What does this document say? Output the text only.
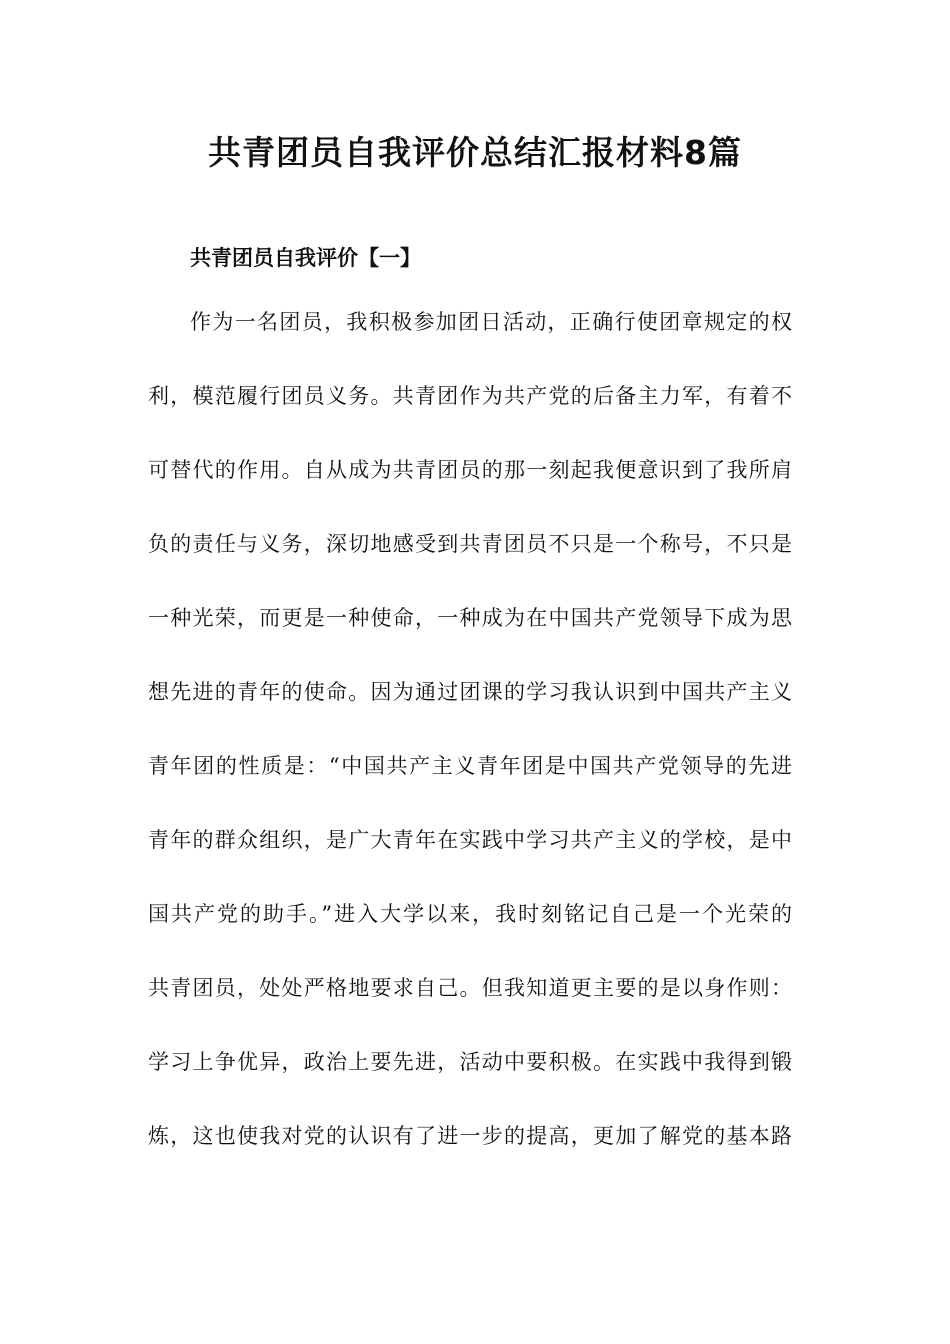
共青团员自我评价总结汇报材料8篇
共青团员自我评价【一】

作为一名团员，我积极参加团日活动，正确行使团章规定的权

利，模范履行团员义务。共青团作为共产党的后备主力军，有着不

可替代的作用。自从成为共青团员的那一刻起我便意识到了我所肩

负的责任与义务，深切地感受到共青团员不只是一个称号，不只是

一种光荣，而更是一种使命，一种成为在中国共产党领导下成为思

想先进的青年的使命。因为通过团课的学习我认识到中国共产主义

青年团的性质是：“中国共产主义青年团是中国共产党领导的先进

青年的群众组织，是广大青年在实践中学习共产主义的学校，是中

国共产党的助手。”进入大学以来，我时刻铭记自己是一个光荣的

共青团员，处处严格地要求自己。但我知道更主要的是以身作则：

学习上争优异，政治上要先进，活动中要积极。在实践中我得到锻

炼，这也使我对党的认识有了进一步的提高，更加了解党的基本路
